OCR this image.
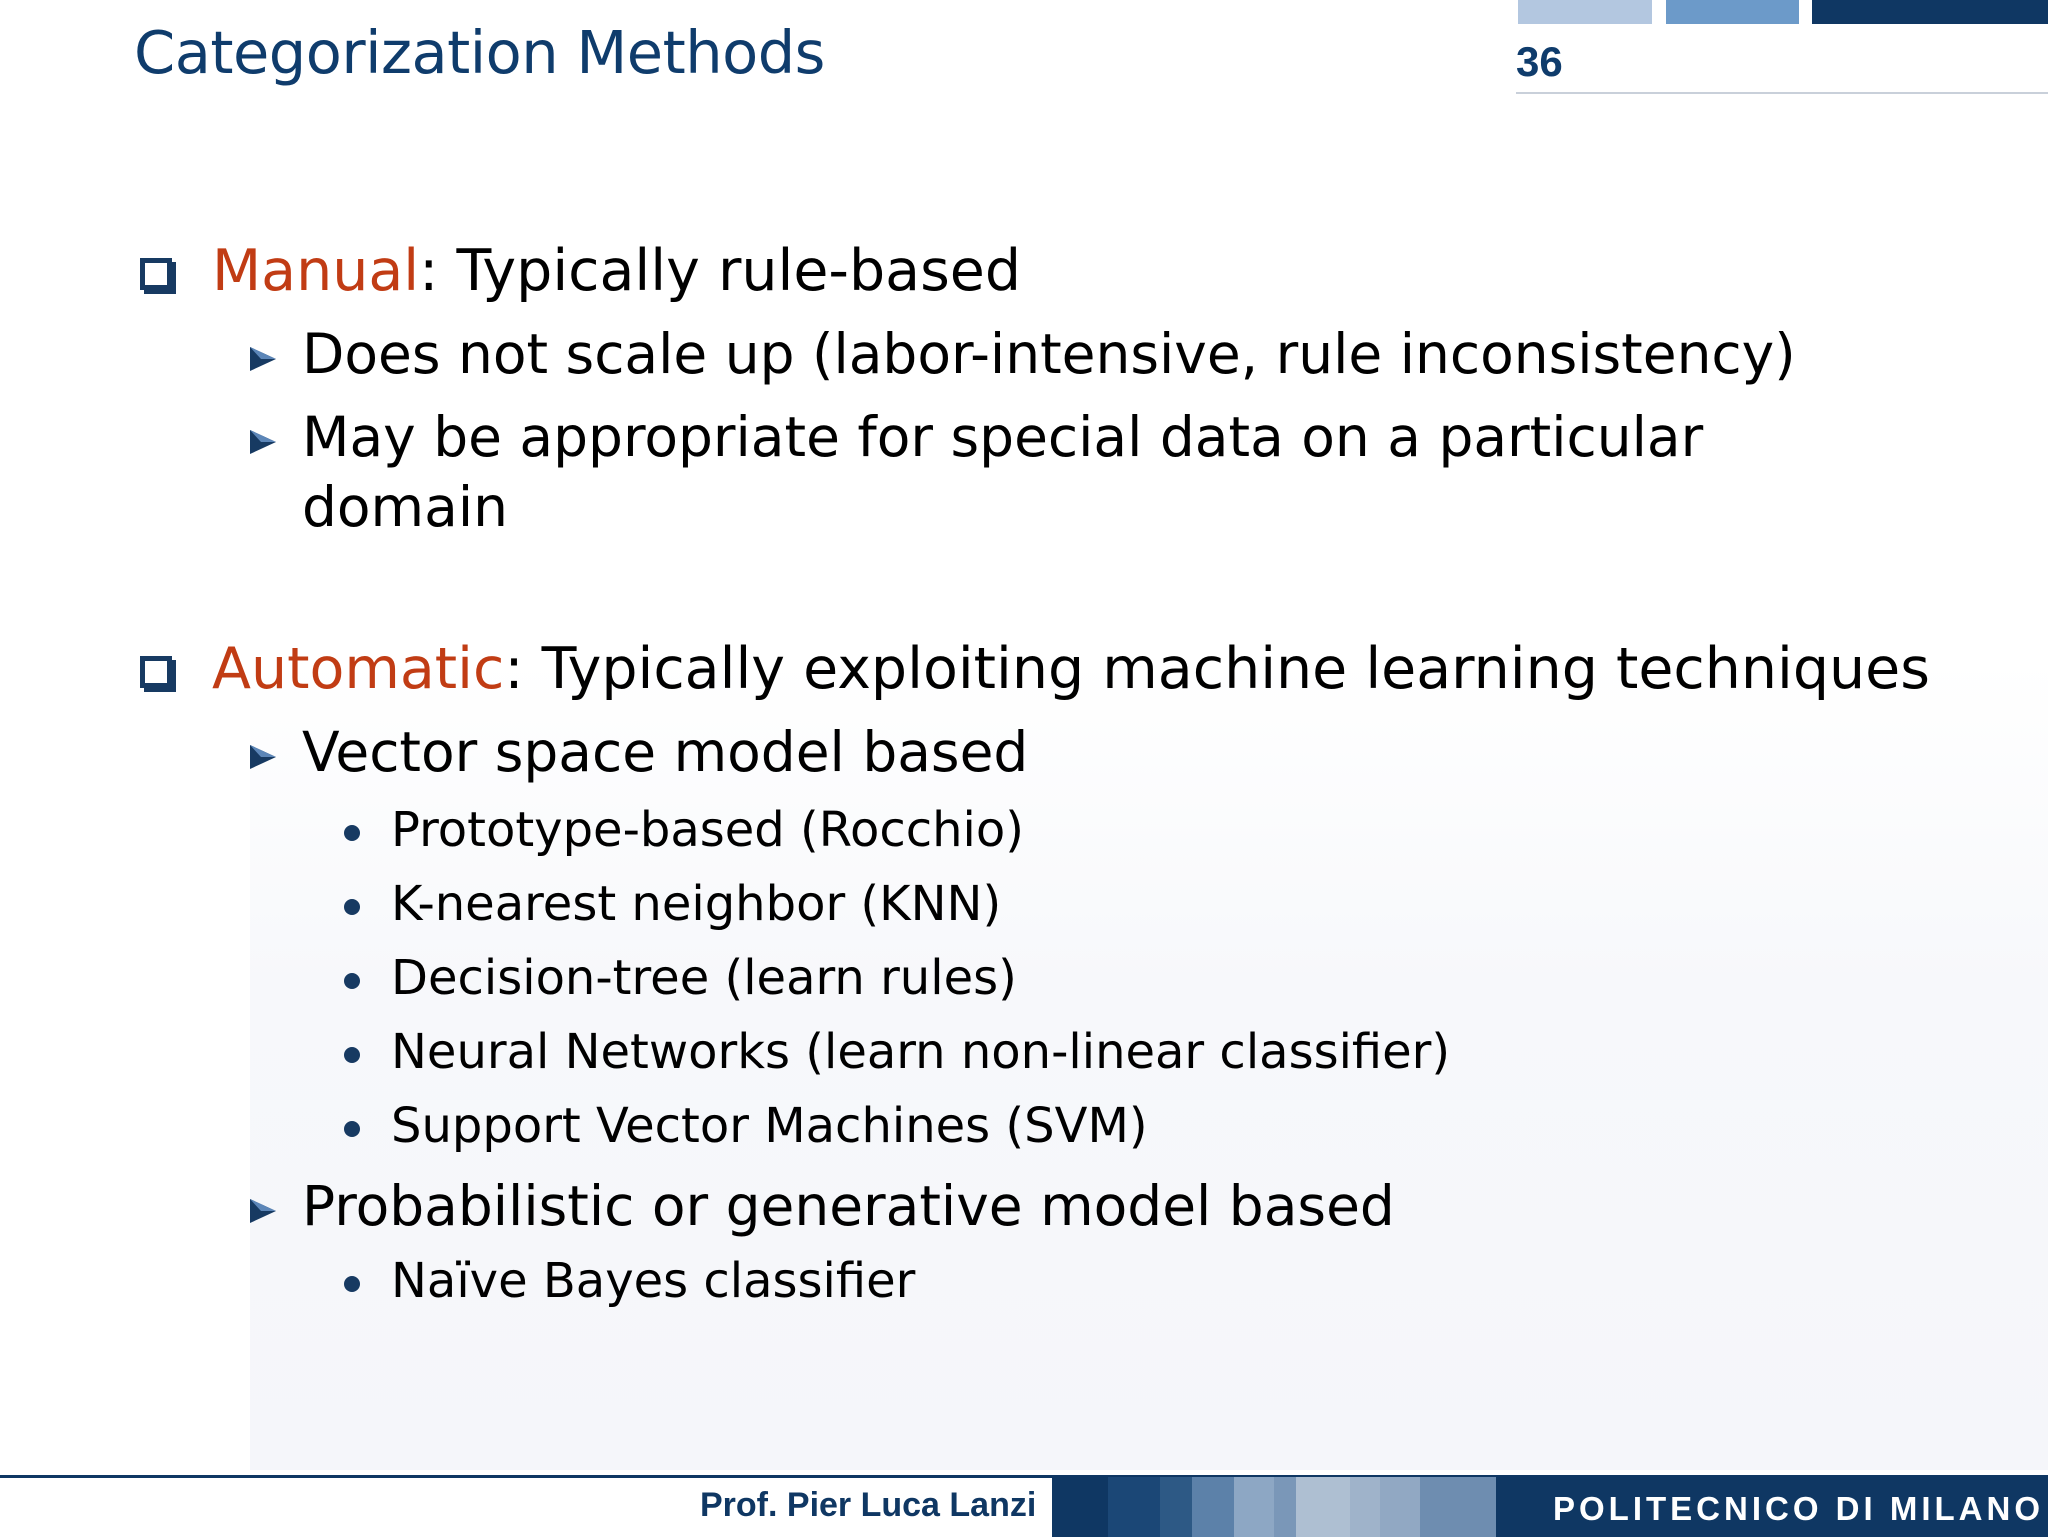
Categorization Methods	36
Manual: Typically rule-based
Does not scale up (labor-intensive, rule inconsistency)
May be appropriate for special data on a particular
domain
Automatic: Typically exploiting machine learning techniques
Vector space model based
Prototype-based (Rocchio)
K-nearest neighbor (KNN)
Decision-tree (learn rules)
Neural Networks (learn non-linear classifier)
Support Vector Machines (SVM)
Probabilistic or generative model based
Naïve Bayes classifier
Prof. Pier Luca Lanzi	POLITECNICO DI MILANO
